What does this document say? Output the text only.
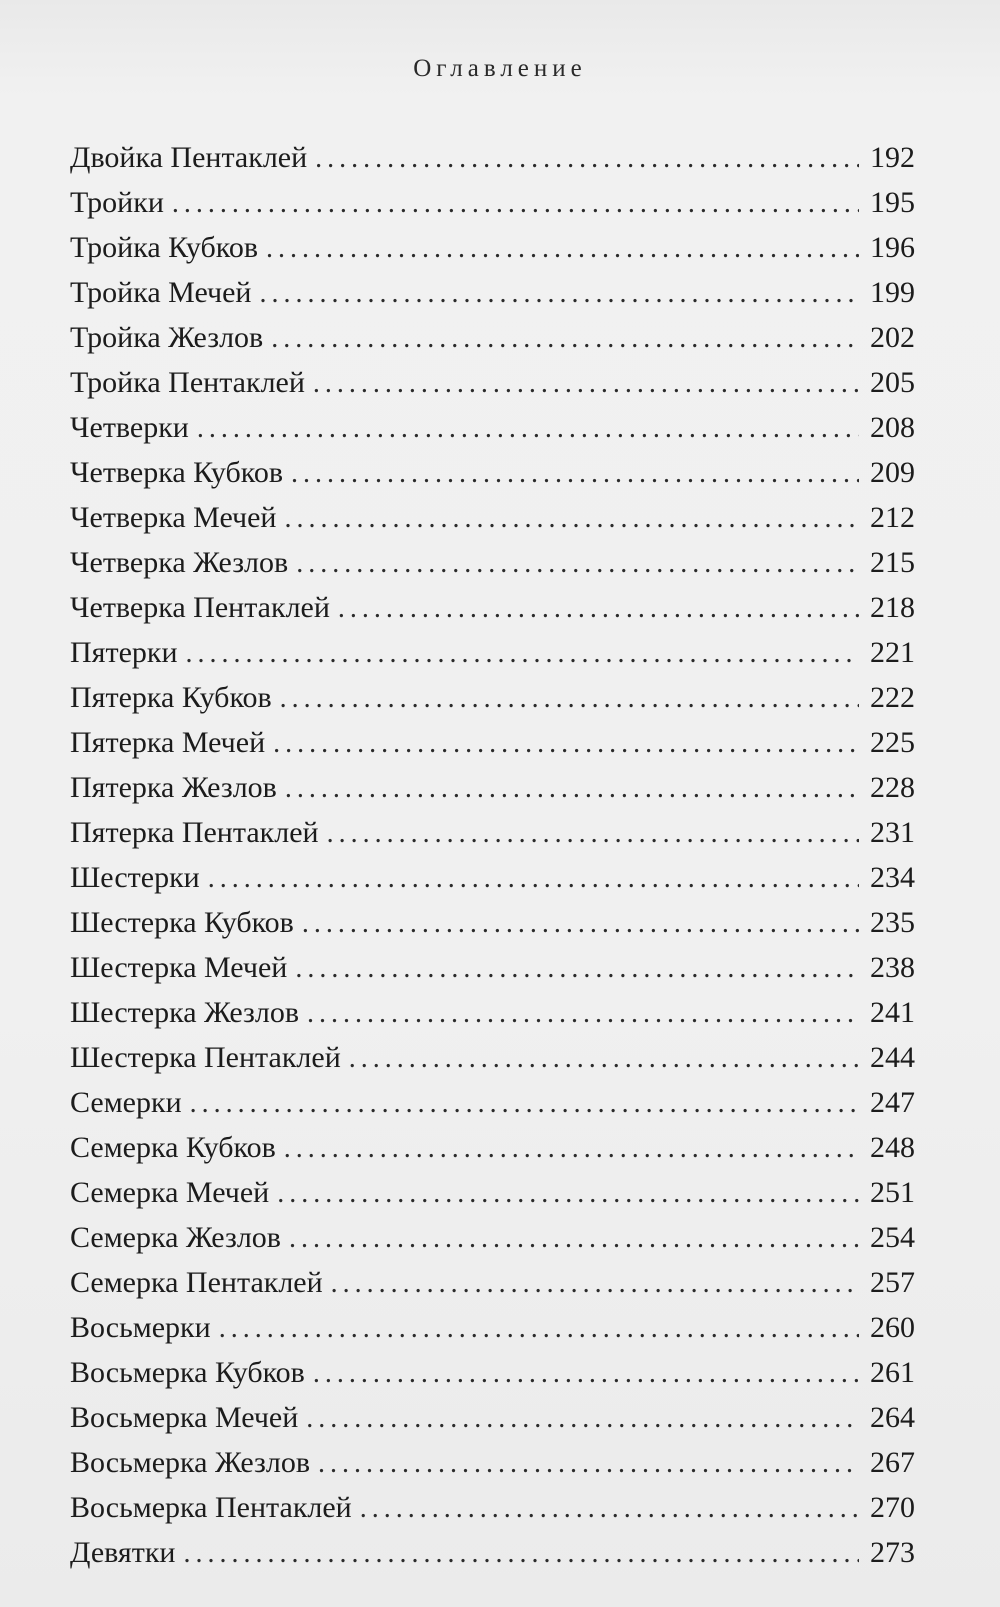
Оглавление
Двойка Пентаклей . . .	192
Тройки . . .	195
Тройка Кубков . . .	196
Тройка Мечей . . .	199
Тройка Жезлов . . .	202
Тройка Пентаклей . . .	205
Четверки . . .	208
Четверка Кубков . . .	209
Четверка Мечей . . .	212
Четверка Жезлов . . .	215
Четверка Пентаклей . . .	218
Пятерки . . .	221
Пятерка Кубков . . .	222
Пятерка Мечей . . .	225
Пятерка Жезлов . . .	228
Пятерка Пентаклей . . .	231
Шестерки . . .	234
Шестерка Кубков . . .	235
Шестерка Мечей . . .	238
Шестерка Жезлов . . .	241
Шестерка Пентаклей . . .	244
Семерки . . .	247
Семерка Кубков . . .	248
Семерка Мечей . . .	251
Семерка Жезлов . . .	254
Семерка Пентаклей . . .	257
Восьмерки . . .	260
Восьмерка Кубков . . .	261
Восьмерка Мечей . . .	264
Восьмерка Жезлов . . .	267
Восьмерка Пентаклей . . .	270
Девятки . . .	273
